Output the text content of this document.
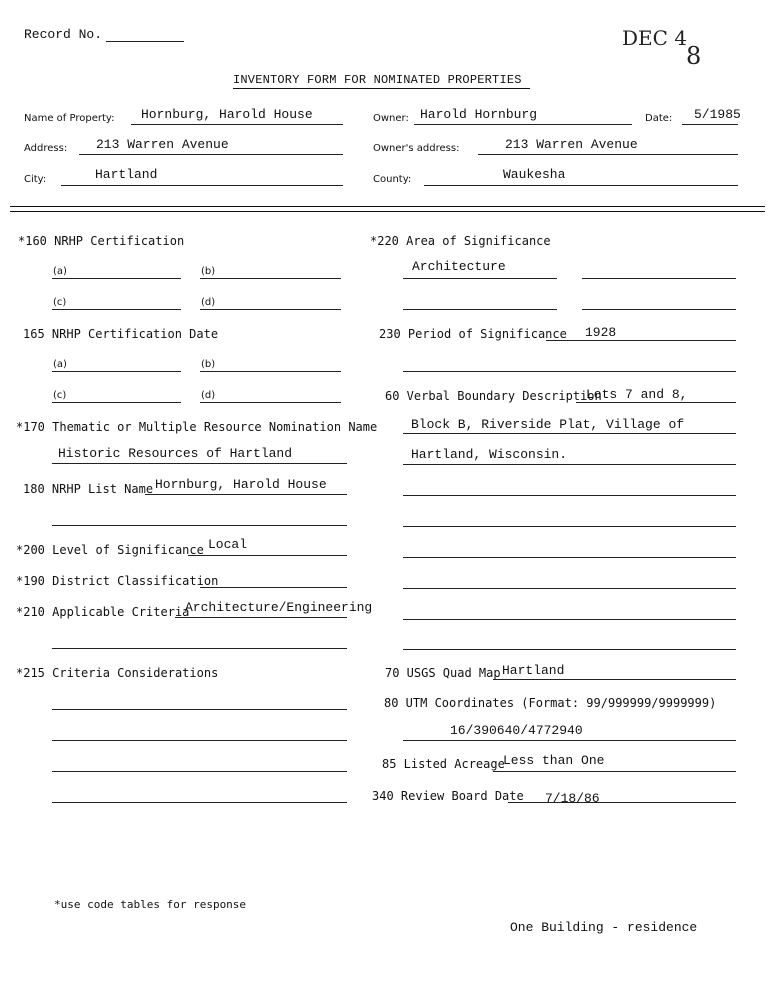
Record No.	DEC 4
8
INVENTORY FORM FOR NOMINATED PROPERTIES
Name of Property: Hornburg, Harold House	Owner: Harold Hornburg	Date: 5/1985
Address: 213 Warren Avenue	Owner's address:	213 Warren Avenue
City:	Hartland	County:	Waukesha
*160 NRHP Certification
(a)	(b)
(c)	(d)
165 NRHP Certification Date
(a)	(b)
(c)	(d)
*170 Thematic or Multiple Resource Nomination Name
Historic Resources of Hartland
180 NRHP List Name Hornburg, Harold House
*200 Level of Significance Local
*190 District Classification
*210 Applicable Criteria
Architecture/Engineering
*215 Criteria Considerations
*220 Area of Significance
Architecture
230 Period of Significance 1928
60 Verbal Boundary Description
Lots 7 and 8,
Block B, Riverside Plat, Village of
Hartland, Wisconsin.
70 USGS Quad Map Hartland
80 UTM Coordinates (Format: 99/999999/9999999)
16/390640/4772940
85 Listed Acreage
Less than One
340 Review Board Date 7/18/86
*use code tables for response
One Building - residence
